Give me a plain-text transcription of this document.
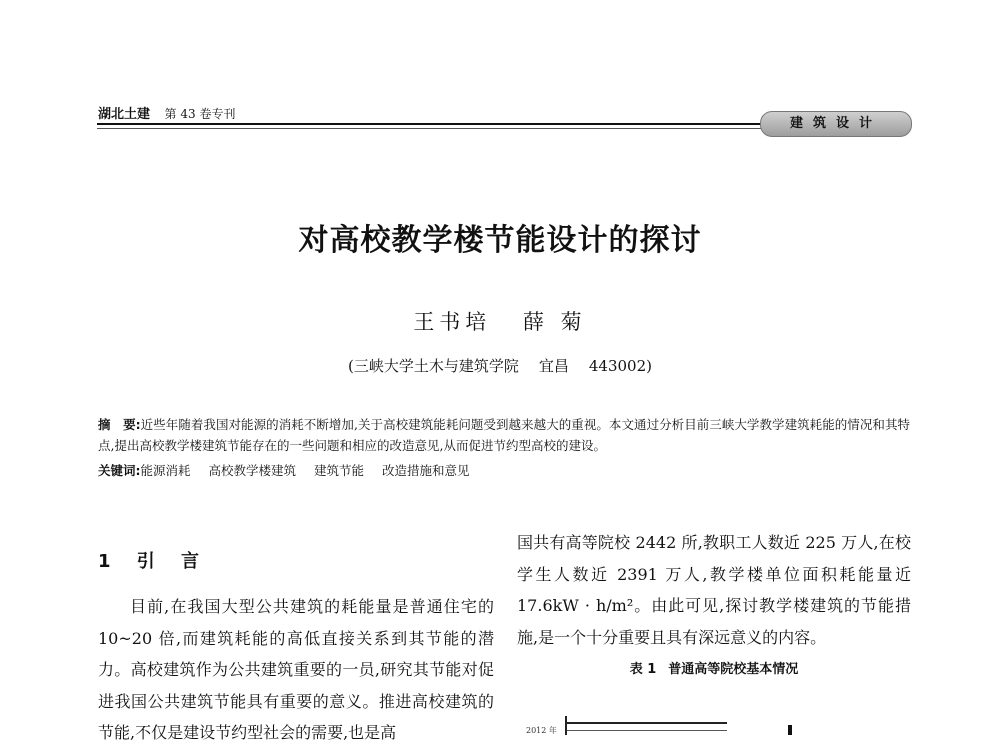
湖北土建 第 43 卷专刊
建筑设计
对高校教学楼节能设计的探讨
王书培 薛 菊
(三峡大学土木与建筑学院 宜昌 443002)
摘　要:近些年随着我国对能源的消耗不断增加,关于高校建筑能耗问题受到越来越大的重视。本文通过分析目前三峡大学教学建筑耗能的情况和其特点,提出高校教学楼建筑节能存在的一些问题和相应的改造意见,从而促进节约型高校的建设。
关键词:能源消耗 高校教学楼建筑 建筑节能 改造措施和意见
1 引 言
目前,在我国大型公共建筑的耗能量是普通住宅的 10~20 倍,而建筑耗能的高低直接关系到其节能的潜力。高校建筑作为公共建筑重要的一员,研究其节能对促进我国公共建筑节能具有重要的意义。推进高校建筑的节能,不仅是建设节约型社会的需要,也是高
国共有高等院校 2442 所,教职工人数近 225 万人,在校学生人数近 2391 万人,教学楼单位面积耗能量近 17.6kW · h/m²。由此可见,探讨教学楼建筑的节能措施,是一个十分重要且具有深远意义的内容。
表 1 普通高等院校基本情况
2012 年
